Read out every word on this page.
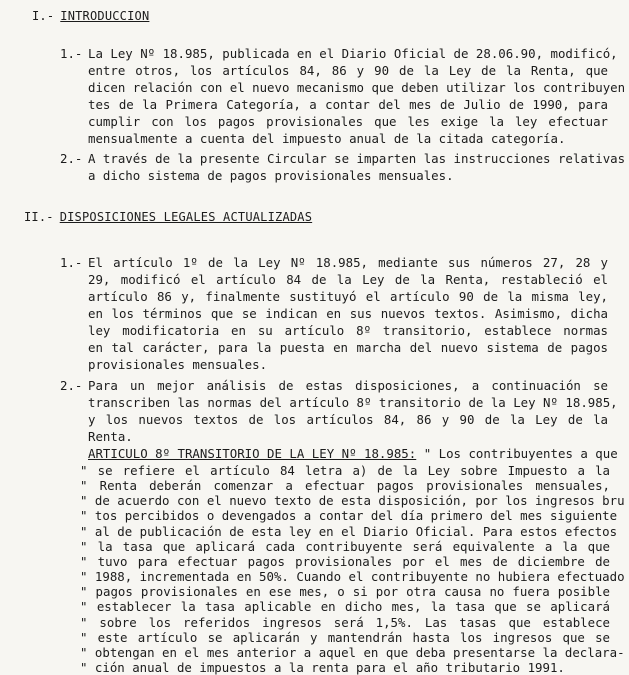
I.- INTRODUCCION
1.- La Ley Nº 18.985, publicada en el Diario Oficial de 28.06.90, modificó,
entre otros, los artículos 84, 86 y 90 de la Ley de la Renta, que
dicen relación con el nuevo mecanismo que deben utilizar los contribuyen
tes de la Primera Categoría, a contar del mes de Julio de 1990, para
cumplir con los pagos provisionales que les exige la ley efectuar
mensualmente a cuenta del impuesto anual de la citada categoría.
2.- A través de la presente Circular se imparten las instrucciones relativas
a dicho sistema de pagos provisionales mensuales.
II.- DISPOSICIONES LEGALES ACTUALIZADAS
1.- El artículo 1º de la Ley Nº 18.985, mediante sus números 27, 28 y
29, modificó el artículo 84 de la Ley de la Renta, restableció el
artículo 86 y, finalmente sustituyó el artículo 90 de la misma ley,
en los términos que se indican en sus nuevos textos. Asimismo, dicha
ley modificatoria en su artículo 8º transitorio, establece normas
en tal carácter, para la puesta en marcha del nuevo sistema de pagos
provisionales mensuales.
2.- Para un mejor análisis de estas disposiciones, a continuación se
transcriben las normas del artículo 8º transitorio de la Ley Nº 18.985,
y los nuevos textos de los artículos 84, 86 y 90 de la Ley de la
Renta.
ARTICULO 8º TRANSITORIO DE LA LEY Nº 18.985: " Los contribuyentes a que
" se refiere el artículo 84 letra a) de la Ley sobre Impuesto a la
" Renta deberán comenzar a efectuar pagos provisionales mensuales,
" de acuerdo con el nuevo texto de esta disposición, por los ingresos bru
" tos percibidos o devengados a contar del día primero del mes siguiente
" al de publicación de esta ley en el Diario Oficial. Para estos efectos
" la tasa que aplicará cada contribuyente será equivalente a la que
" tuvo para efectuar pagos provisionales por el mes de diciembre de
" 1988, incrementada en 50%. Cuando el contribuyente no hubiera efectuado
" pagos provisionales en ese mes, o si por otra causa no fuera posible
" establecer la tasa aplicable en dicho mes, la tasa que se aplicará
" sobre los referidos ingresos será 1,5%. Las tasas que establece
" este artículo se aplicarán y mantendrán hasta los ingresos que se
" obtengan en el mes anterior a aquel en que deba presentarse la declara-
" ción anual de impuestos a la renta para el año tributario 1991.
